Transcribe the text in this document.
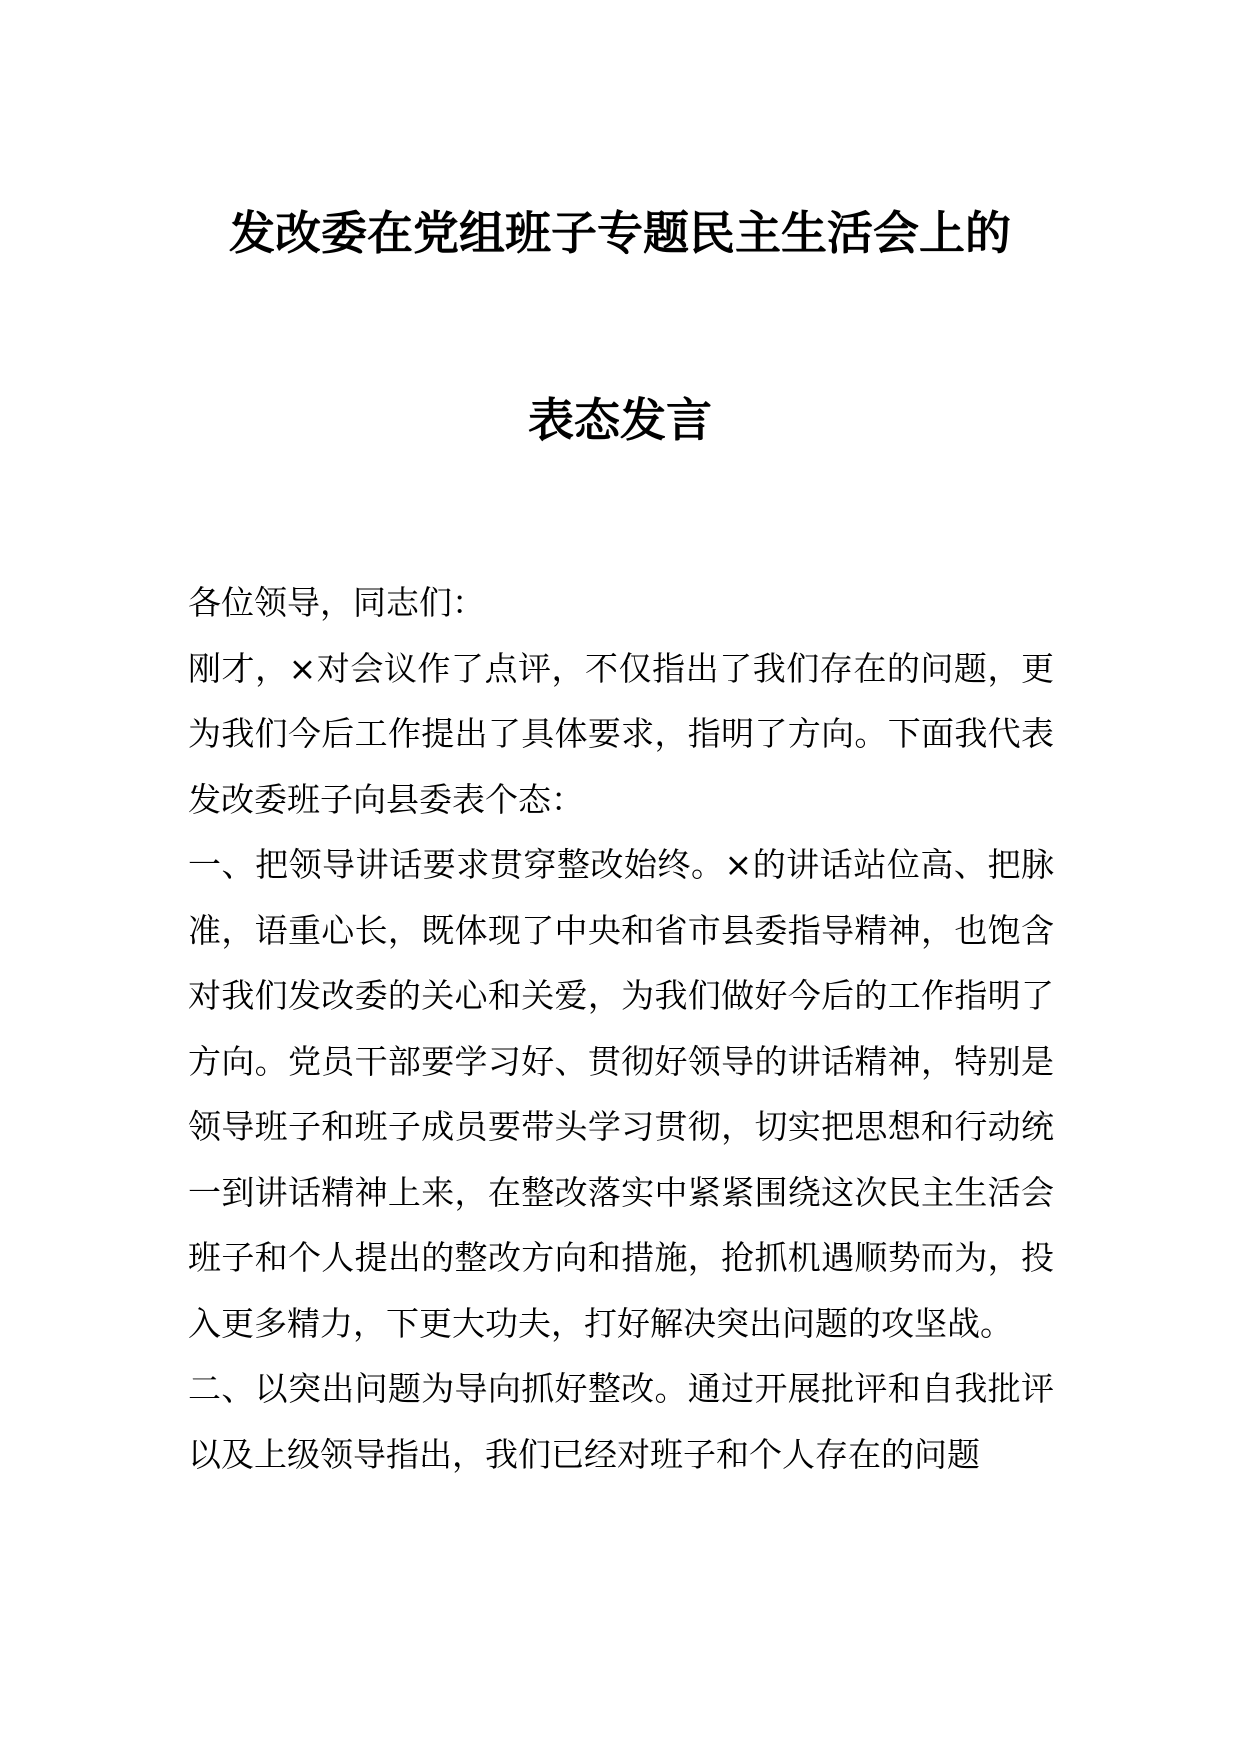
发改委在党组班子专题民主生活会上的
表态发言

各位领导，同志们：

刚才，×对会议作了点评，不仅指出了我们存在的问题，更为我们今后工作提出了具体要求，指明了方向。下面我代表发改委班子向县委表个态：

一、把领导讲话要求贯穿整改始终。×的讲话站位高、把脉准，语重心长，既体现了中央和省市县委指导精神，也饱含对我们发改委的关心和关爱，为我们做好今后的工作指明了方向。党员干部要学习好、贯彻好领导的讲话精神，特别是领导班子和班子成员要带头学习贯彻，切实把思想和行动统一到讲话精神上来，在整改落实中紧紧围绕这次民主生活会班子和个人提出的整改方向和措施，抢抓机遇顺势而为，投入更多精力，下更大功夫，打好解决突出问题的攻坚战。

二、以突出问题为导向抓好整改。通过开展批评和自我批评以及上级领导指出，我们已经对班子和个人存在的问题
